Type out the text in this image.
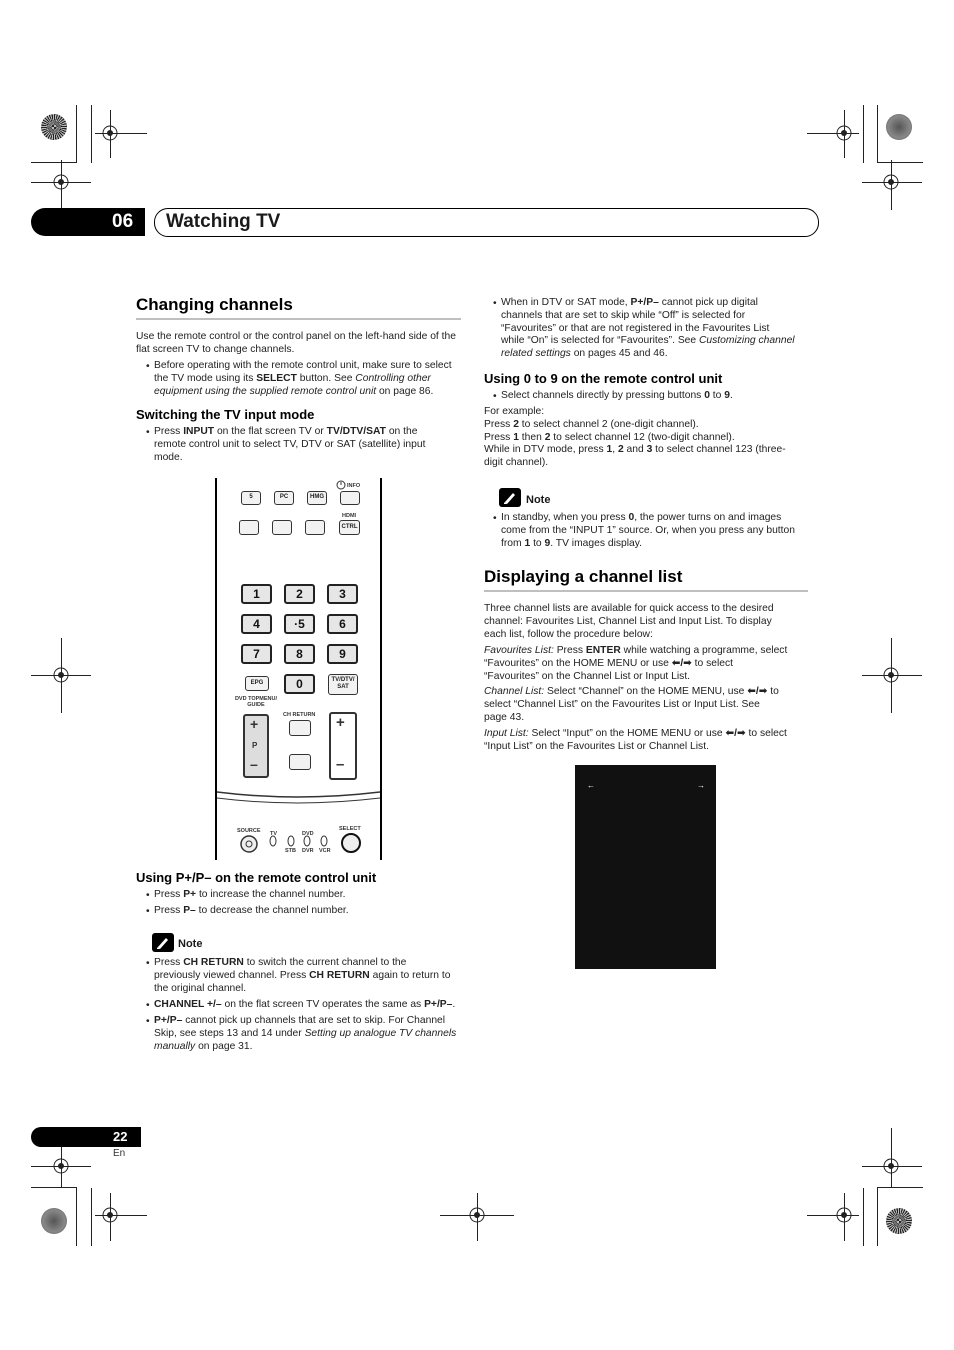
06 Watching TV
Changing channels
Use the remote control or the control panel on the left-hand side of the flat screen TV to change channels.
• Before operating with the remote control unit, make sure to select
the TV mode using its SELECT button. See Controlling other
equipment using the supplied remote control unit on page 86.
Switching the TV input mode
• Press INPUT on the flat screen TV or TV/DTV/SAT on the
remote control unit to select TV, DTV or SAT (satellite) input
mode.
5	PC	HMG
INFO
HDMI
CTRL
1	2	3
4	·5	6
7	8	9
EPG	0	TV/DTV/
SAT
DVD TOPMENU/
GUIDE
CH RETURN
+
P
–
+
–
SOURCE TV	DVD
STB DVR VCR
SELECT
Using P+/P– on the remote control unit
• Press P+ to increase the channel number.
• Press P– to decrease the channel number.
Note
• Press CH RETURN to switch the current channel to the
previously viewed channel. Press CH RETURN again to return to
the original channel.
• CHANNEL +/– on the flat screen TV operates the same as P+/P–.
• P+/P– cannot pick up channels that are set to skip. For Channel
Skip, see steps 13 and 14 under Setting up analogue TV channels
manually on page 31.
• When in DTV or SAT mode, P+/P– cannot pick up digital
channels that are set to skip while “Off” is selected for
“Favourites” or that are not registered in the Favourites List
while “On” is selected for “Favourites”. See Customizing channel
related settings on pages 45 and 46.
Using 0 to 9 on the remote control unit
• Select channels directly by pressing buttons 0 to 9.
For example:
Press 2 to select channel 2 (one-digit channel).
Press 1 then 2 to select channel 12 (two-digit channel).
While in DTV mode, press 1, 2 and 3 to select channel 123 (three-
digit channel).
Note
• In standby, when you press 0, the power turns on and images
come from the “INPUT 1” source. Or, when you press any button
from 1 to 9. TV images display.
Displaying a channel list
Three channel lists are available for quick access to the desired
channel: Favourites List, Channel List and Input List. To display
each list, follow the procedure below:
Favourites List: Press ENTER while watching a programme, select
“Favourites” on the HOME MENU or use ⬅/➡ to select
“Favourites” on the Channel List or Input List.
Channel List: Select “Channel” on the HOME MENU, use ⬅/➡ to
select “Channel List” on the Favourites List or Input List. See
page 43.
Input List: Select “Input” on the HOME MENU or use ⬅/➡ to select
“Input List” on the Favourites List or Channel List.
←	→
22
En
